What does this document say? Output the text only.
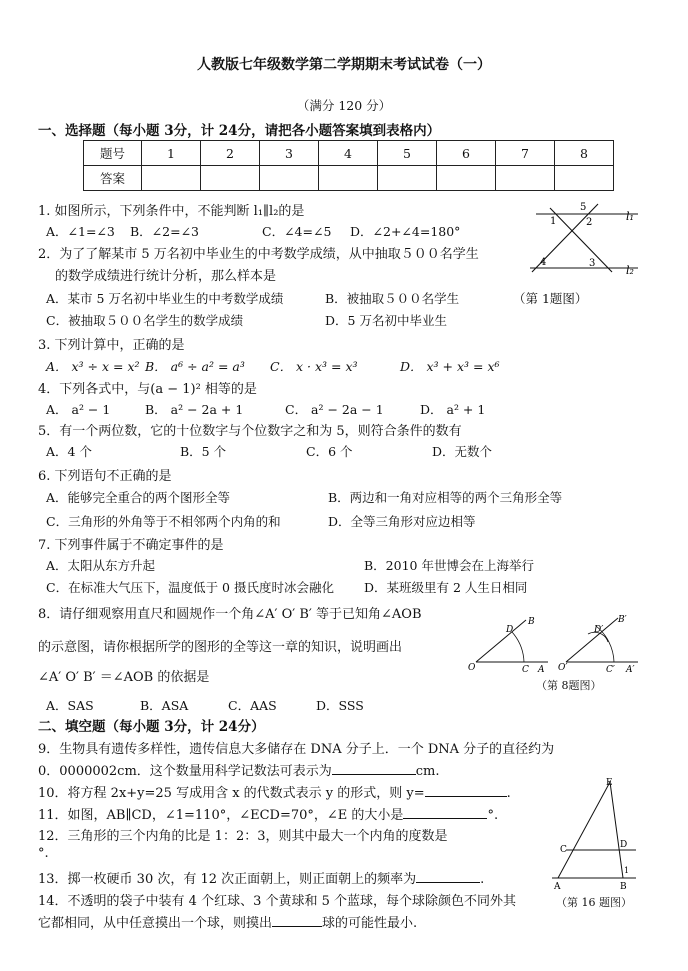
人教版七年级数学第二学期期末考试试卷（一）
（满分 120 分）
一、选择题（每小题 3分，计 24分，请把各小题答案填到表格内）
题号	1	2	3	4	5	6	7	8
答案								
1. 如图所示，下列条件中，不能判断 l₁∥l₂的是
A．∠1=∠3 B．∠2=∠3	C．∠4=∠5 D．∠2+∠4=180°
1
5
2
4	3
l₁
l₂
（第 1题图）
2．为了了解某市 5 万名初中毕业生的中考数学成绩，从中抽取５００名学生
的数学成绩进行统计分析，那么样本是
A．某市 5 万名初中毕业生的中考数学成绩	B．被抽取５００名学生
C．被抽取５００名学生的数学成绩	D．5 万名初中毕业生
3. 下列计算中，正确的是
A． x³ ÷ x = x² B． a⁶ ÷ a² = a³ C． x · x³ = x³	D． x³ + x³ = x⁶
4．下列各式中，与(a − 1)² 相等的是
A． a² − 1	B． a² − 2a + 1	C． a² − 2a − 1	D． a² + 1
5．有一个两位数，它的十位数字与个位数字之和为 5，则符合条件的数有
A．4 个	B．5 个	C．6 个	D．无数个
6. 下列语句不正确的是
A．能够完全重合的两个图形全等	B．两边和一角对应相等的两个三角形全等
C．三角形的外角等于不相邻两个内角的和	D．全等三角形对应边相等
7. 下列事件属于不确定事件的是
A．太阳从东方升起	B．2010 年世博会在上海举行
C．在标准大气压下，温度低于 0 摄氏度时冰会融化 D．某班级里有 2 人生日相同
8．请仔细观察用直尺和圆规作一个角∠A′ O′ B′ 等于已知角∠AOB
的示意图，请你根据所学的图形的全等这一章的知识，说明画出
∠A′ O′ B′ ＝∠AOB 的依据是
A．SAS	B．ASA	C．AAS	D．SSS
O
B
D
C A O′
B′
D′
C′ A′
（第 8题图）
二、填空题（每小题 3分，计 24分）
9．生物具有遗传多样性，遗传信息大多储存在 DNA 分子上．一个 DNA 分子的直径约为
0．0000002cm．这个数量用科学记数法可表示为	cm.
10．将方程 2x+y=25 写成用含 x 的代数式表示 y 的形式，则 y=	.
11．如图，AB∥CD，∠1=110°，∠ECD=70°，∠E 的大小是	°.
12．三角形的三个内角的比是 1：2：3，则其中最大一个内角的度数是
°.
13．掷一枚硬币 30 次，有 12 次正面朝上，则正面朝上的频率为	.
14．不透明的袋子中装有 4 个红球、3 个黄球和 5 个蓝球，每个球除颜色不同外其
它都相同，从中任意摸出一个球，则摸出	球的可能性最小.
E
C	D
1
A	B
（第 16 题图）
